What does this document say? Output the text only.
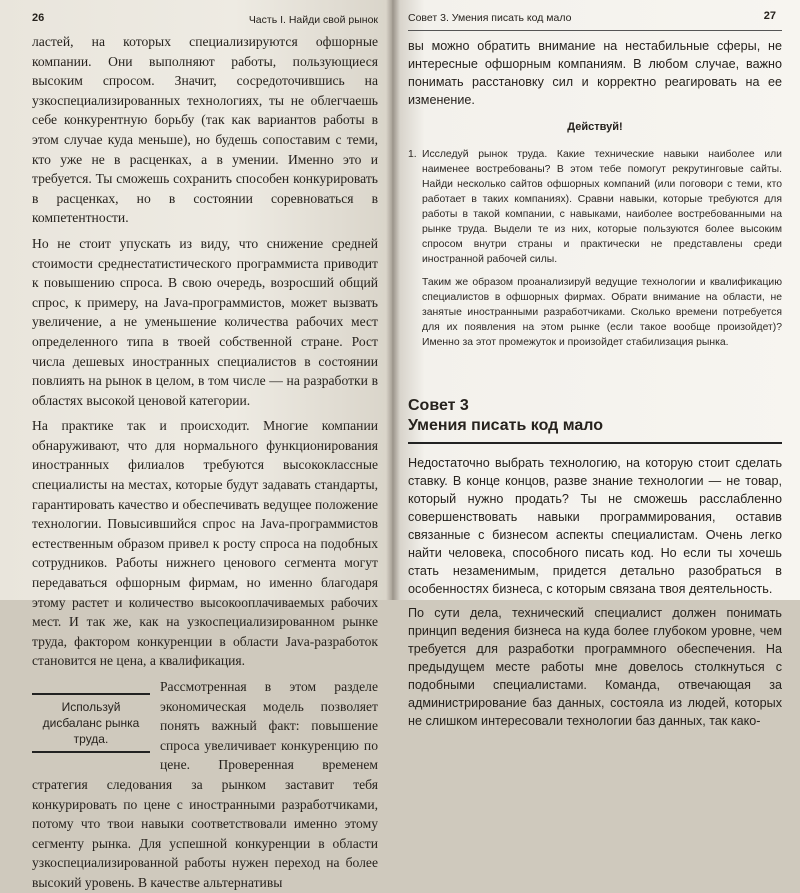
26	Часть I. Найди свой рынок

ластей, на которых специализируются офшорные компании. Они выполняют работы, пользующиеся высоким спросом. Значит, сосредоточившись на узкоспециализированных технологиях, ты не облегчаешь себе конкурентную борьбу (так как вариантов работы в этом случае куда меньше), но будешь сопоставим с теми, кто уже не в расценках, а в умении. Именно это и требуется. Ты сможешь сохранить способен конкурировать в расценках, но в состоянии соревноваться в компетентности.

Но не стоит упускать из виду, что снижение средней стоимости среднестатистического программиста приводит к повышению спроса. В свою очередь, возросший общий спрос, к примеру, на Java-программистов, может вызвать увеличение, а не уменьшение количества рабочих мест определенного типа в твоей собственной стране. Рост числа дешевых иностранных специалистов в состоянии повлиять на рынок в целом, в том числе — на разработки в областях высокой ценовой категории.

На практике так и происходит. Многие компании обнаруживают, что для нормального функционирования иностранных филиалов требуются высококлассные специалисты на местах, которые будут задавать стандарты, гарантировать качество и обеспечивать ведущее положение технологии. Повысившийся спрос на Java-программистов естественным образом привел к росту спроса на подобных сотрудников. Работы нижнего ценового сегмента могут передаваться офшорным фирмам, но именно благодаря этому растет и количество высокооплачиваемых рабочих мест. И так же, как на узкоспециализированном рынке труда, фактором конкуренции в области Java-разработок становится не цена, а квалификация.

Используй дисбаланс рынка труда.

Рассмотренная в этом разделе экономическая модель позволяет понять важный факт: повышение спроса увеличивает конкуренцию по цене. Проверенная временем стратегия следования за рынком заставит тебя конкурировать по цене с иностранными разработчиками, потому что твои навыки соответствовали именно этому сегменту рынка. Для успешной конкуренции в области узкоспециализированной работы нужен переход на более высокий уровень. В качестве альтернативы

Совет 3. Умения писать код мало	27

вы можно обратить внимание на нестабильные сферы, не интересные офшорным компаниям. В любом случае, важно понимать расстановку сил и корректно реагировать на ее изменение.

Действуй!
1. Исследуй рынок труда. Какие технические навыки наиболее или наименее востребованы? В этом тебе помогут рекрутинговые сайты. Найди несколько сайтов офшорных компаний (или поговори с теми, кто работает в таких компаниях). Сравни навыки, которые требуются для работы в такой компании, с навыками, наиболее востребованными на рынке труда. Выдели те из них, которые пользуются более высоким спросом внутри страны и практически не представлены среди иностранной рабочей силы.
Таким же образом проанализируй ведущие технологии и квалификацию специалистов в офшорных фирмах. Обрати внимание на области, не занятые иностранными разработчиками. Сколько времени потребуется для их появления на этом рынке (если такое вообще произойдет)? Именно за этот промежуток и произойдет стабилизация рынка.
Совет 3
Умения писать код мало

Недостаточно выбрать технологию, на которую стоит сделать ставку. В конце концов, разве знание технологии — не товар, который нужно продать? Ты не сможешь расслабленно совершенствовать навыки программирования, оставив связанные с бизнесом аспекты специалистам. Очень легко найти человека, способного писать код. Но если ты хочешь стать незаменимым, придется детально разобраться в особенностях бизнеса, с которым связана твоя деятельность.

По сути дела, технический специалист должен понимать принцип ведения бизнеса на куда более глубоком уровне, чем требуется для разработки программного обеспечения. На предыдущем месте работы мне довелось столкнуться с подобными специалистами. Команда, отвечающая за администрирование баз данных, состояла из людей, которых не слишком интересовали технологии баз данных, так како-
